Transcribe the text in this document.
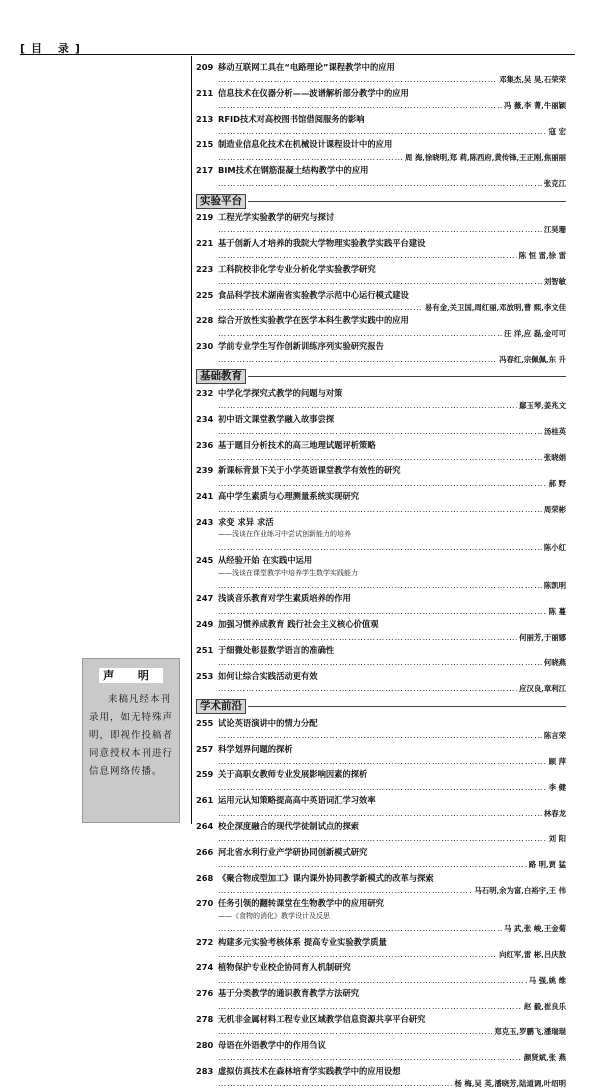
[目 录]
209 移动互联网工具在“电路理论”课程教学中的应用
……………………………………………………………………………………………………………………………………
邓集杰,吴 昊,石荣荣
211 信息技术在仪器分析——波谱解析部分教学中的应用
……………………………………………………………………………………………………………………………………
冯 薇,李 菁,牛丽颖
213 RFID技术对高校图书馆借阅服务的影响
……………………………………………………………………………………………………………………………………
寇 宏
215 制造业信息化技术在机械设计课程设计中的应用
……………………………………………………………………………………………………………………………………
周 海,徐晓明,郑 莉,陈西府,黄传锋,王正刚,焦丽丽
217 BIM技术在钢筋混凝土结构教学中的应用
……………………………………………………………………………………………………………………………………
张克江
实验平台
219 工程光学实验教学的研究与探讨
……………………………………………………………………………………………………………………………………
江昊珊
221 基于创新人才培养的我院大学物理实验教学实践平台建设
……………………………………………………………………………………………………………………………………
陈 恒 雷,徐 雷
223 工科院校非化学专业分析化学实验教学研究
……………………………………………………………………………………………………………………………………
刘智敏
225 食品科学技术湖南省实验教学示范中心运行模式建设
……………………………………………………………………………………………………………………………………
易有金,关卫国,周红丽,邓放明,曹 熙,李文佳
228 综合开放性实验教学在医学本科生教学实践中的应用
……………………………………………………………………………………………………………………………………
汪 洋,应 磊,金可可
230 学前专业学生写作创新训练序列实验研究报告
……………………………………………………………………………………………………………………………………
冯春红,宗佩佩,东 升
基础教育
232 中学化学探究式教学的问题与对策
……………………………………………………………………………………………………………………………………
鄢玉琴,姜兆文
234 初中语文课堂教学融入故事尝探
……………………………………………………………………………………………………………………………………
汤桂英
236 基于题目分析技术的高三地理试题评析策略
……………………………………………………………………………………………………………………………………
张晓娟
239 新课标背景下关于小学英语课堂教学有效性的研究
……………………………………………………………………………………………………………………………………
郝 野
241 高中学生素质与心理测量系统实现研究
……………………………………………………………………………………………………………………………………
周荣彬
243 求变 求异 求活
——浅谈在作业练习中尝试创新能力的培养
……………………………………………………………………………………………………………………………………
陈小红
245 从经验开始 在实践中运用
——浅谈在课堂教学中培养学生数学实践能力
……………………………………………………………………………………………………………………………………
陈凯明
247 浅谈音乐教育对学生素质培养的作用
……………………………………………………………………………………………………………………………………
陈 蔓
249 加强习惯养成教育 践行社会主义核心价值观
……………………………………………………………………………………………………………………………………
何丽芳,于丽娜
251 于细微处彰显数学语言的准确性
……………………………………………………………………………………………………………………………………
何晓燕
253 如何让综合实践活动更有效
……………………………………………………………………………………………………………………………………
应汉良,章利江
学术前沿
255 试论英语演讲中的情力分配
……………………………………………………………………………………………………………………………………
陈言荣
257 科学划界问题的探析
……………………………………………………………………………………………………………………………………
顾 萍
259 关于高职女教师专业发展影响因素的探析
……………………………………………………………………………………………………………………………………
李 健
261 运用元认知策略提高高中英语词汇学习效率
……………………………………………………………………………………………………………………………………
林春龙
264 校企深度融合的现代学徒制试点的探索
……………………………………………………………………………………………………………………………………
刘 阳
266 河北省水利行业产学研协同创新模式研究
……………………………………………………………………………………………………………………………………
路 明,贾 猛
268 《聚合物成型加工》课内课外协同教学新模式的改革与探索
……………………………………………………………………………………………………………………………………
马石明,余为富,白裕宇,王 伟
270 任务引领的翻转课堂在生物教学中的应用研究
——《食物的消化》教学设计及反思
……………………………………………………………………………………………………………………………………
马 武,张 峻,王金菊
272 构建多元实验考核体系 提高专业实验教学质量
……………………………………………………………………………………………………………………………………
向红军,雷 彬,吕庆敖
274 植物保护专业校企协同育人机制研究
……………………………………………………………………………………………………………………………………
马 强,姚 维
276 基于分类教学的通识教育教学方法研究
……………………………………………………………………………………………………………………………………
赵 毅,崔良乐
278 无机非金属材料工程专业区域教学信息资源共享平台研究
……………………………………………………………………………………………………………………………………
郑克玉,罗鹏飞,潘瑞琨
280 母语在外语教学中的作用刍议
……………………………………………………………………………………………………………………………………
颜贤斌,张 燕
283 虚拟仿真技术在森林培育学实践教学中的应用设想
……………………………………………………………………………………………………………………………………
杨 梅,吴 英,潘晓芳,陆道调,叶绍明
声 明
来稿凡经本刊录用，如无特殊声明，即视作投稿者同意授权本刊进行信息网络传播。
